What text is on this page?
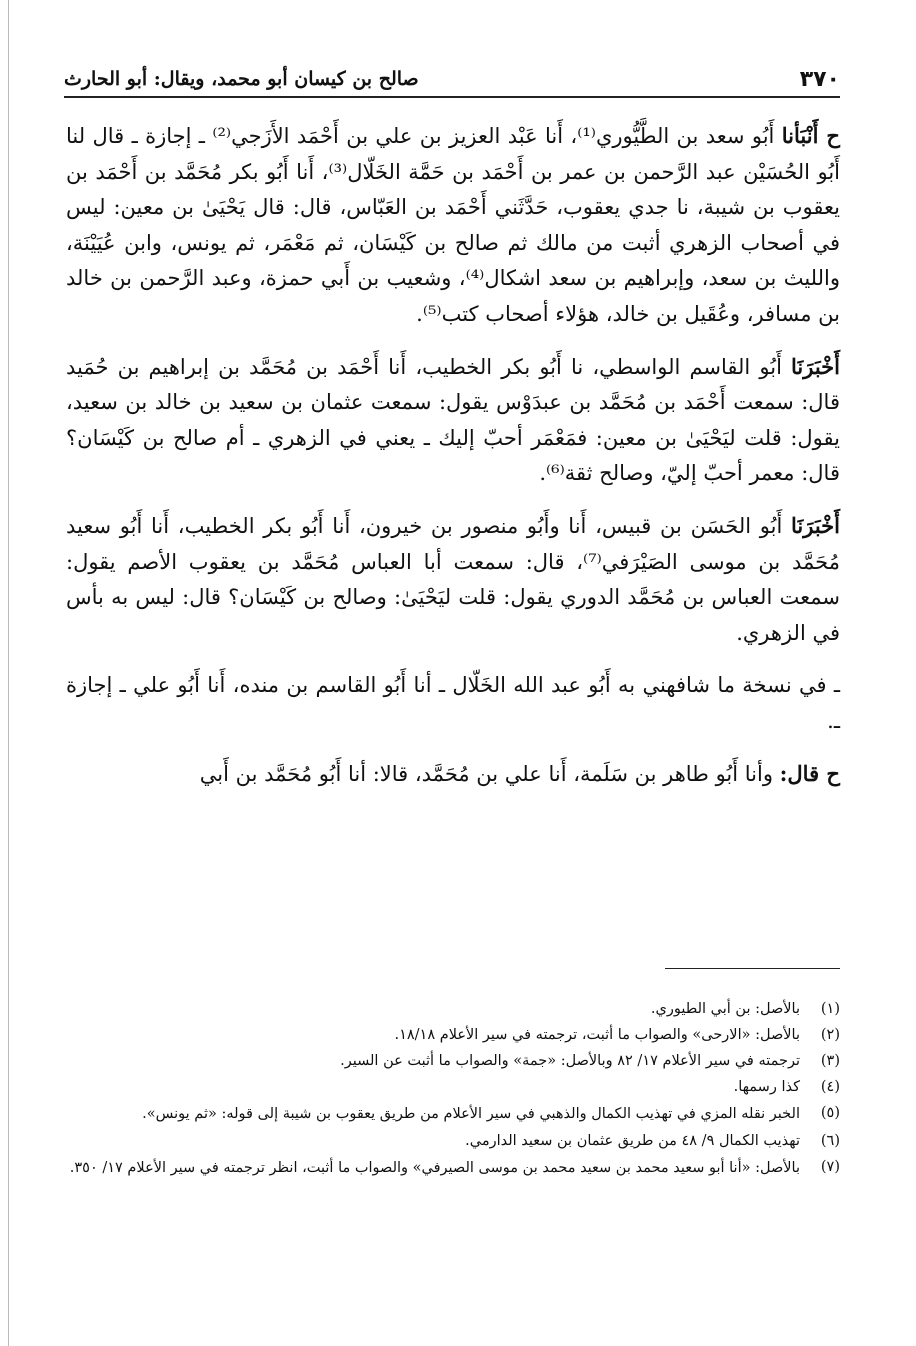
٣٧٠
صالح بن كيسان أبو محمد، ويقال: أبو الحارث

ح أَنْبَأنا أَبُو سعد بن الطَّيُّوري⁽¹⁾، أَنا عَبْد العزيز بن علي بن أَحْمَد الأَزَجي⁽²⁾ ـ إجازة ـ قال لنا أَبُو الحُسَيْن عبد الرَّحمن بن عمر بن أَحْمَد بن حَمَّة الخَلّال⁽³⁾، أَنا أَبُو بكر مُحَمَّد بن أَحْمَد بن يعقوب بن شيبة، نا جدي يعقوب، حَدَّثَني أَحْمَد بن العَبّاس، قال: قال يَحْيَىٰ بن معين: ليس في أصحاب الزهري أثبت من مالك ثم صالح بن كَيْسَان، ثم مَعْمَر، ثم يونس، وابن عُيَيْنَة، والليث بن سعد، وإبراهيم بن سعد اشكال⁽⁴⁾، وشعيب بن أَبي حمزة، وعبد الرَّحمن بن خالد بن مسافر، وعُقَيل بن خالد، هؤلاء أصحاب كتب⁽⁵⁾.

أَخْبَرَنَا أَبُو القاسم الواسطي، نا أَبُو بكر الخطيب، أَنا أَحْمَد بن مُحَمَّد بن إبراهيم بن حُمَيد قال: سمعت أَحْمَد بن مُحَمَّد بن عبدَوْس يقول: سمعت عثمان بن سعيد بن خالد بن سعيد، يقول: قلت ليَحْيَىٰ بن معين: فمَعْمَر أحبّ إليك ـ يعني في الزهري ـ أم صالح بن كَيْسَان؟ قال: معمر أحبّ إليّ، وصالح ثقة⁽⁶⁾.

أَخْبَرَنَا أَبُو الحَسَن بن قبيس، أَنا وأَبُو منصور بن خيرون، أَنا أَبُو بكر الخطيب، أَنا أَبُو سعيد مُحَمَّد بن موسى الصَيْرَفي⁽⁷⁾، قال: سمعت أبا العباس مُحَمَّد بن يعقوب الأصم يقول: سمعت العباس بن مُحَمَّد الدوري يقول: قلت ليَحْيَىٰ: وصالح بن كَيْسَان؟ قال: ليس به بأس في الزهري.

ـ في نسخة ما شافهني به أَبُو عبد الله الخَلّال ـ أنا أَبُو القاسم بن منده، أَنا أَبُو علي ـ إجازة ـ.

ح قال: وأنا أَبُو طاهر بن سَلَمة، أَنا علي بن مُحَمَّد، قالا: أنا أَبُو مُحَمَّد بن أَبي

(١)
بالأصل: بن أبي الطيوري.

(٢)
بالأصل: «الارحى» والصواب ما أثبت، ترجمته في سير الأعلام ١٨/١٨.

(٣)
ترجمته في سير الأعلام ١٧/ ٨٢ وبالأصل: «جمة» والصواب ما أثبت عن السير.

(٤)
كذا رسمها.

(٥)
الخبر نقله المزي في تهذيب الكمال والذهبي في سير الأعلام من طريق يعقوب بن شيبة إلى قوله: «ثم يونس».

(٦)
تهذيب الكمال ٩/ ٤٨ من طريق عثمان بن سعيد الدارمي.

(٧)
بالأصل: «أنا أبو سعيد محمد بن سعيد محمد بن موسى الصيرفي» والصواب ما أثبت، انظر ترجمته في سير الأعلام ١٧/ ٣٥٠.
